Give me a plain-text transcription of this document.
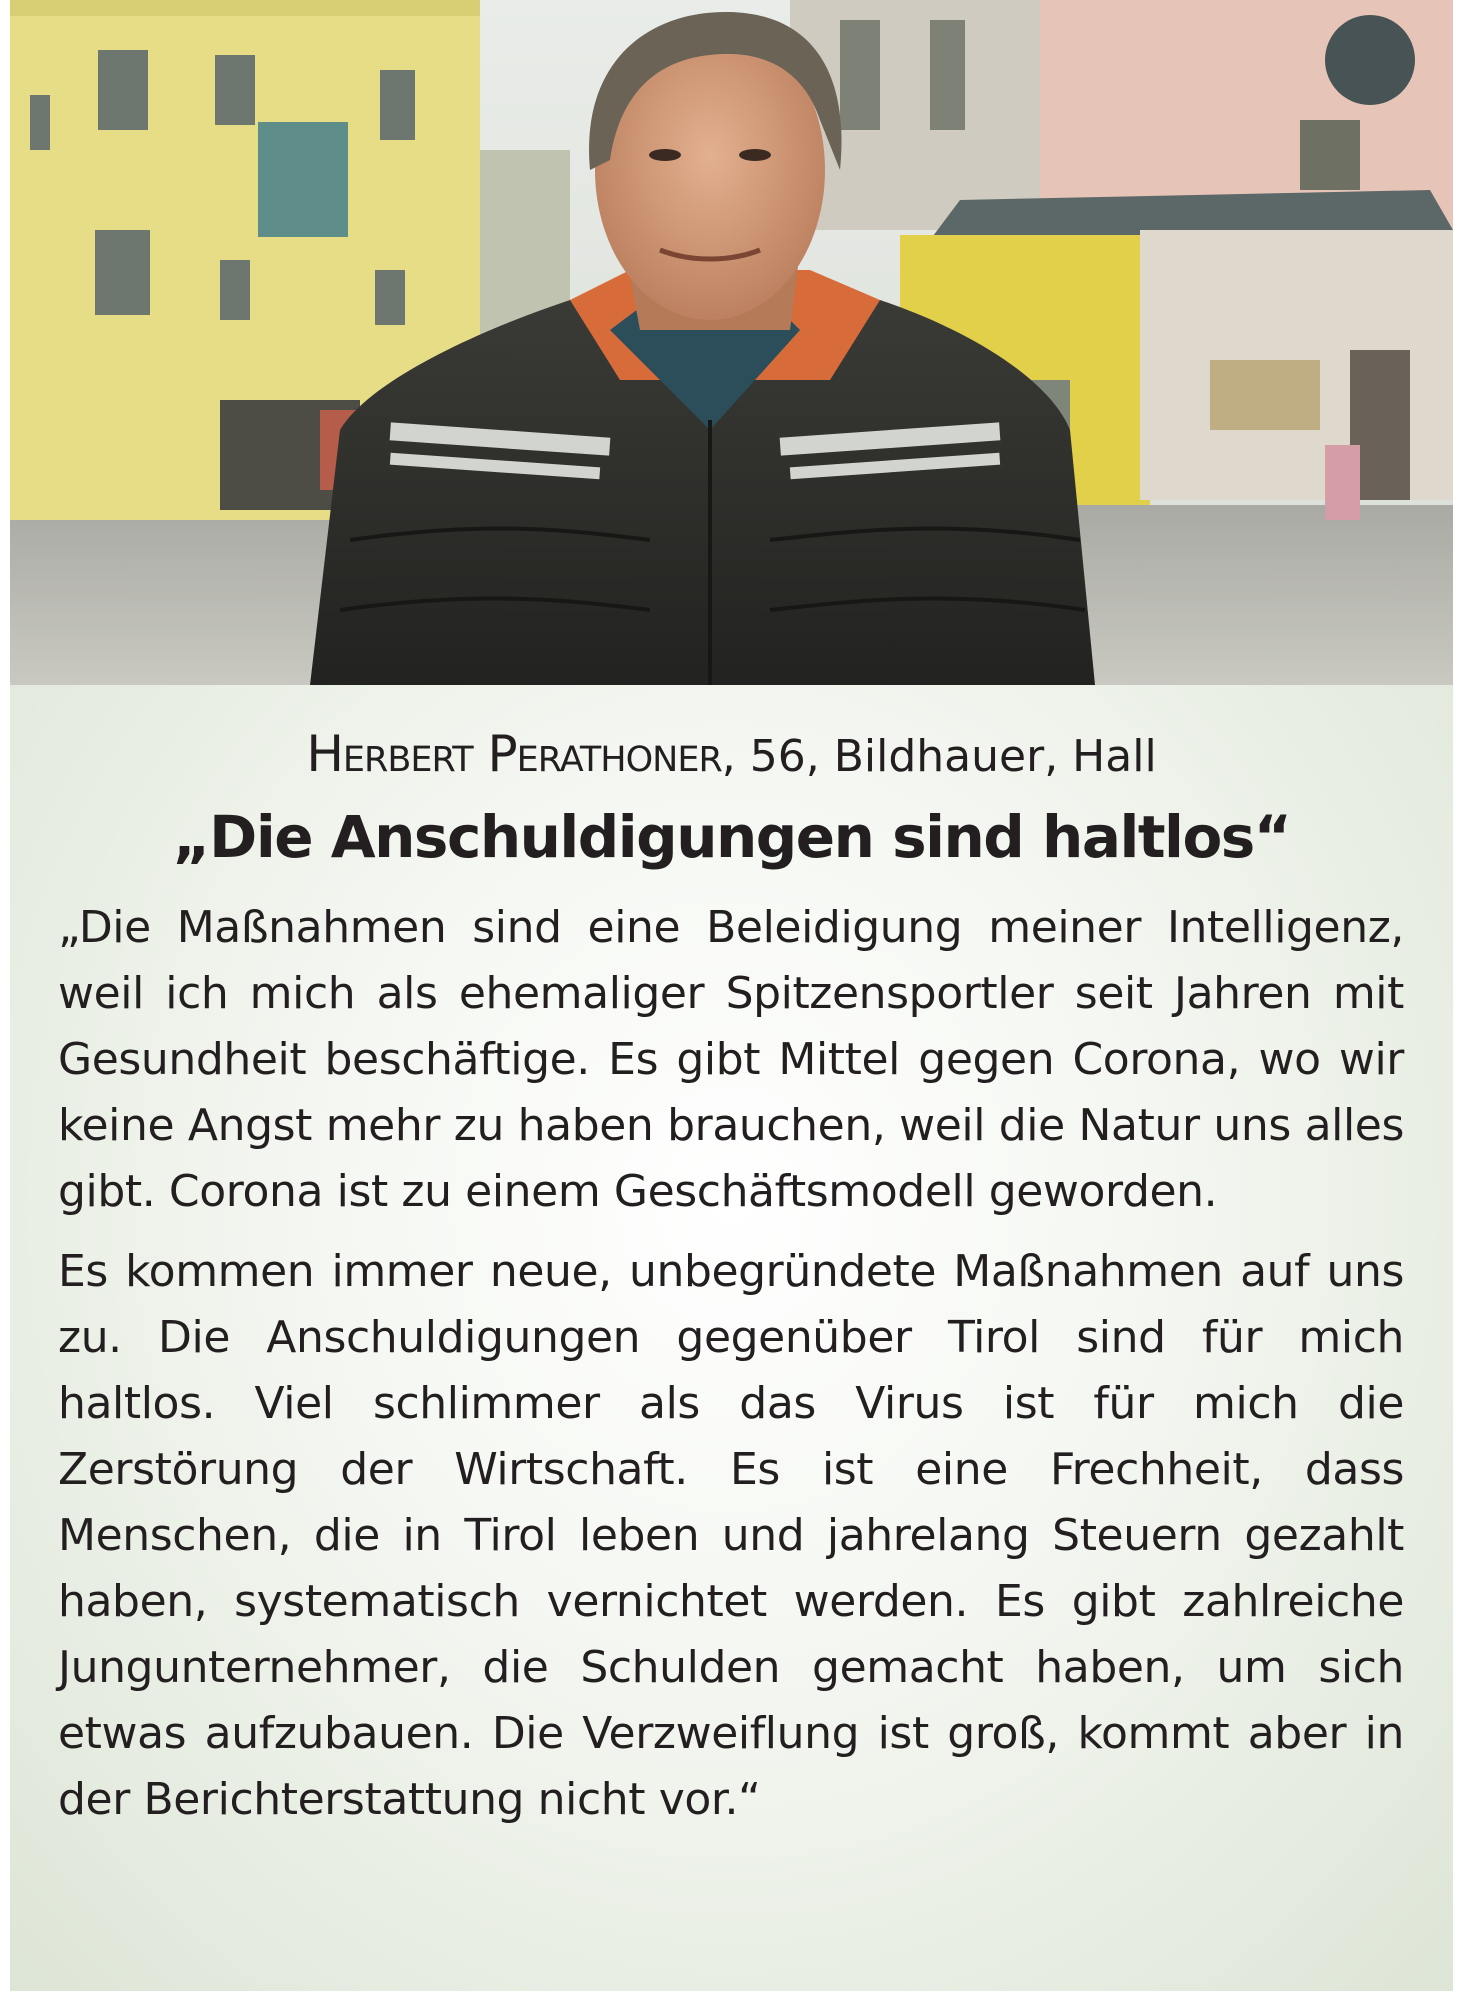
Herbert Perathoner, 56, Bildhauer, Hall
„Die Anschuldigungen sind haltlos“

„Die Maßnahmen sind eine Beleidigung meiner Intelligenz, weil ich mich als ehemaliger Spitzensportler seit Jahren mit Gesundheit beschäftige. Es gibt Mittel gegen Corona, wo wir keine Angst mehr zu haben brauchen, weil die Natur uns alles gibt. Corona ist zu einem Geschäftsmodell geworden.

Es kommen immer neue, unbegründete Maßnahmen auf uns zu. Die Anschuldigungen gegenüber Tirol sind für mich haltlos. Viel schlimmer als das Virus ist für mich die Zerstörung der Wirtschaft. Es ist eine Frechheit, dass Menschen, die in Tirol leben und jahrelang Steuern gezahlt haben, systematisch vernichtet werden. Es gibt zahlreiche Jungunternehmer, die Schulden gemacht haben, um sich etwas aufzubauen. Die Verzweiflung ist groß, kommt aber in der Berichterstattung nicht vor.“
